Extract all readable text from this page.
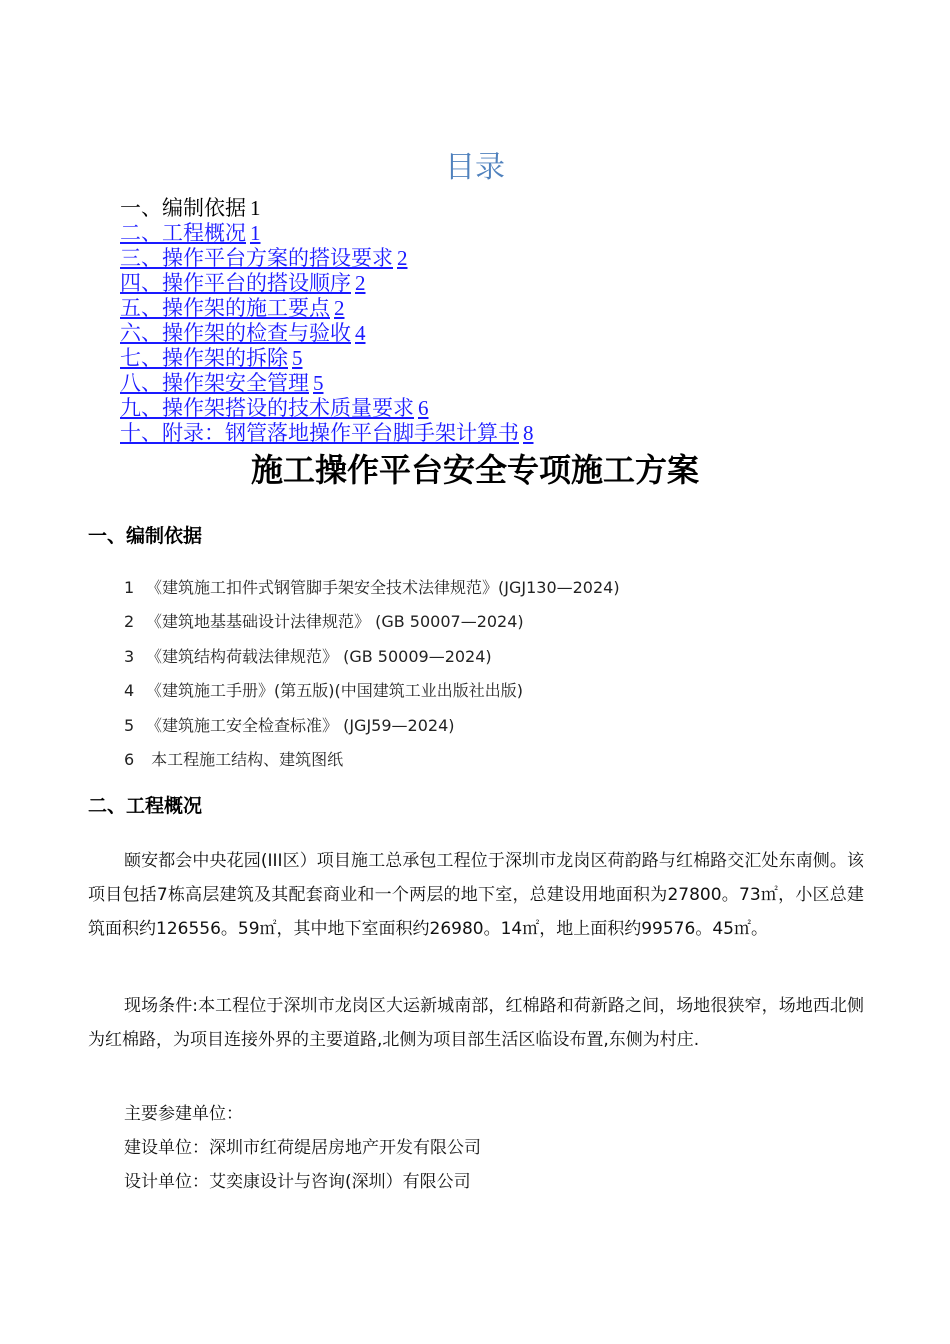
目录
一、编制依据 1
二、工程概况 1
三、操作平台方案的搭设要求 2
四、操作平台的搭设顺序 2
五、操作架的施工要点 2
六、操作架的检查与验收 4
七、操作架的拆除 5
八、操作架安全管理 5
九、操作架搭设的技术质量要求 6
十、附录：钢管落地操作平台脚手架计算书 8
施工操作平台安全专项施工方案
一、编制依据
1 《建筑施工扣件式钢管脚手架安全技术法律规范》(JGJ130—2024)
2 《建筑地基基础设计法律规范》 (GB 50007—2024)
3 《建筑结构荷载法律规范》 (GB 50009—2024)
4 《建筑施工手册》(第五版)(中国建筑工业出版社出版)
5 《建筑施工安全检查标准》 (JGJ59—2024)
6 本工程施工结构、建筑图纸
二、工程概况
颐安都会中央花园(III区）项目施工总承包工程位于深圳市龙岗区荷韵路与红棉路交汇处东南侧。该项目包括7栋高层建筑及其配套商业和一个两层的地下室，总建设用地面积为27800。73㎡，小区总建筑面积约126556。59㎡，其中地下室面积约26980。14㎡，地上面积约99576。45㎡。
现场条件:本工程位于深圳市龙岗区大运新城南部，红棉路和荷新路之间，场地很狭窄，场地西北侧为红棉路，为项目连接外界的主要道路,北侧为项目部生活区临设布置,东侧为村庄.
主要参建单位：
建设单位：深圳市红荷缇居房地产开发有限公司
设计单位：艾奕康设计与咨询(深圳）有限公司
